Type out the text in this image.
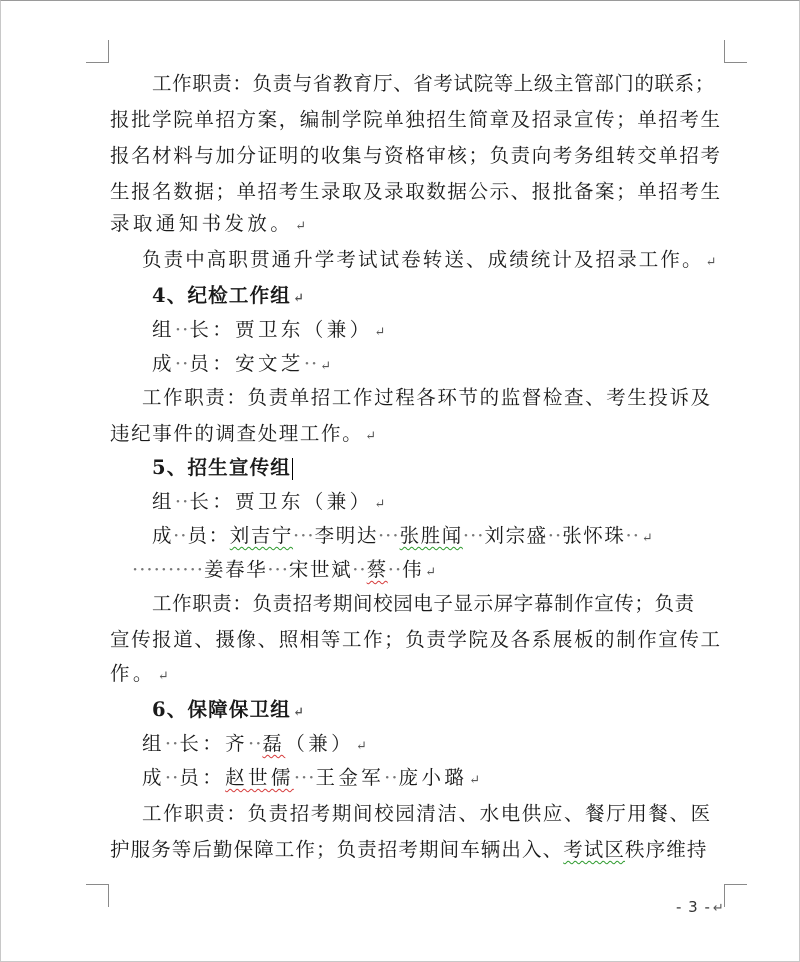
工作职责：负责与省教育厅、省考试院等上级主管部门的联系；
报批学院单招方案，编制学院单独招生简章及招录宣传；单招考生
报名材料与加分证明的收集与资格审核；负责向考务组转交单招考
生报名数据；单招考生录取及录取数据公示、报批备案；单招考生
录取通知书发放。 ↵
负责中高职贯通升学考试试卷转送、成绩统计及招录工作。 ↵
4、纪检工作组 ↵
组··长：贾卫东（兼） ↵
成··员：安文芝·· ↵
工作职责：负责单招工作过程各环节的监督检查、考生投诉及
违纪事件的调查处理工作。 ↵
5、招生宣传组
组··长：贾卫东（兼） ↵
成··员：刘吉宁···李明达···张胜闻···刘宗盛··张怀珠·· ↵
··········姜春华···宋世斌··蔡··伟 ↵
工作职责：负责招考期间校园电子显示屏字幕制作宣传；负责
宣传报道、摄像、照相等工作；负责学院及各系展板的制作宣传工
作。 ↵
6、保障保卫组 ↵
组··长：齐··磊（兼） ↵
成··员：赵世儒···王金军··庞小璐 ↵
工作职责：负责招考期间校园清洁、水电供应、餐厅用餐、医
护服务等后勤保障工作；负责招考期间车辆出入、考试区秩序维持
- 3 - ↵
